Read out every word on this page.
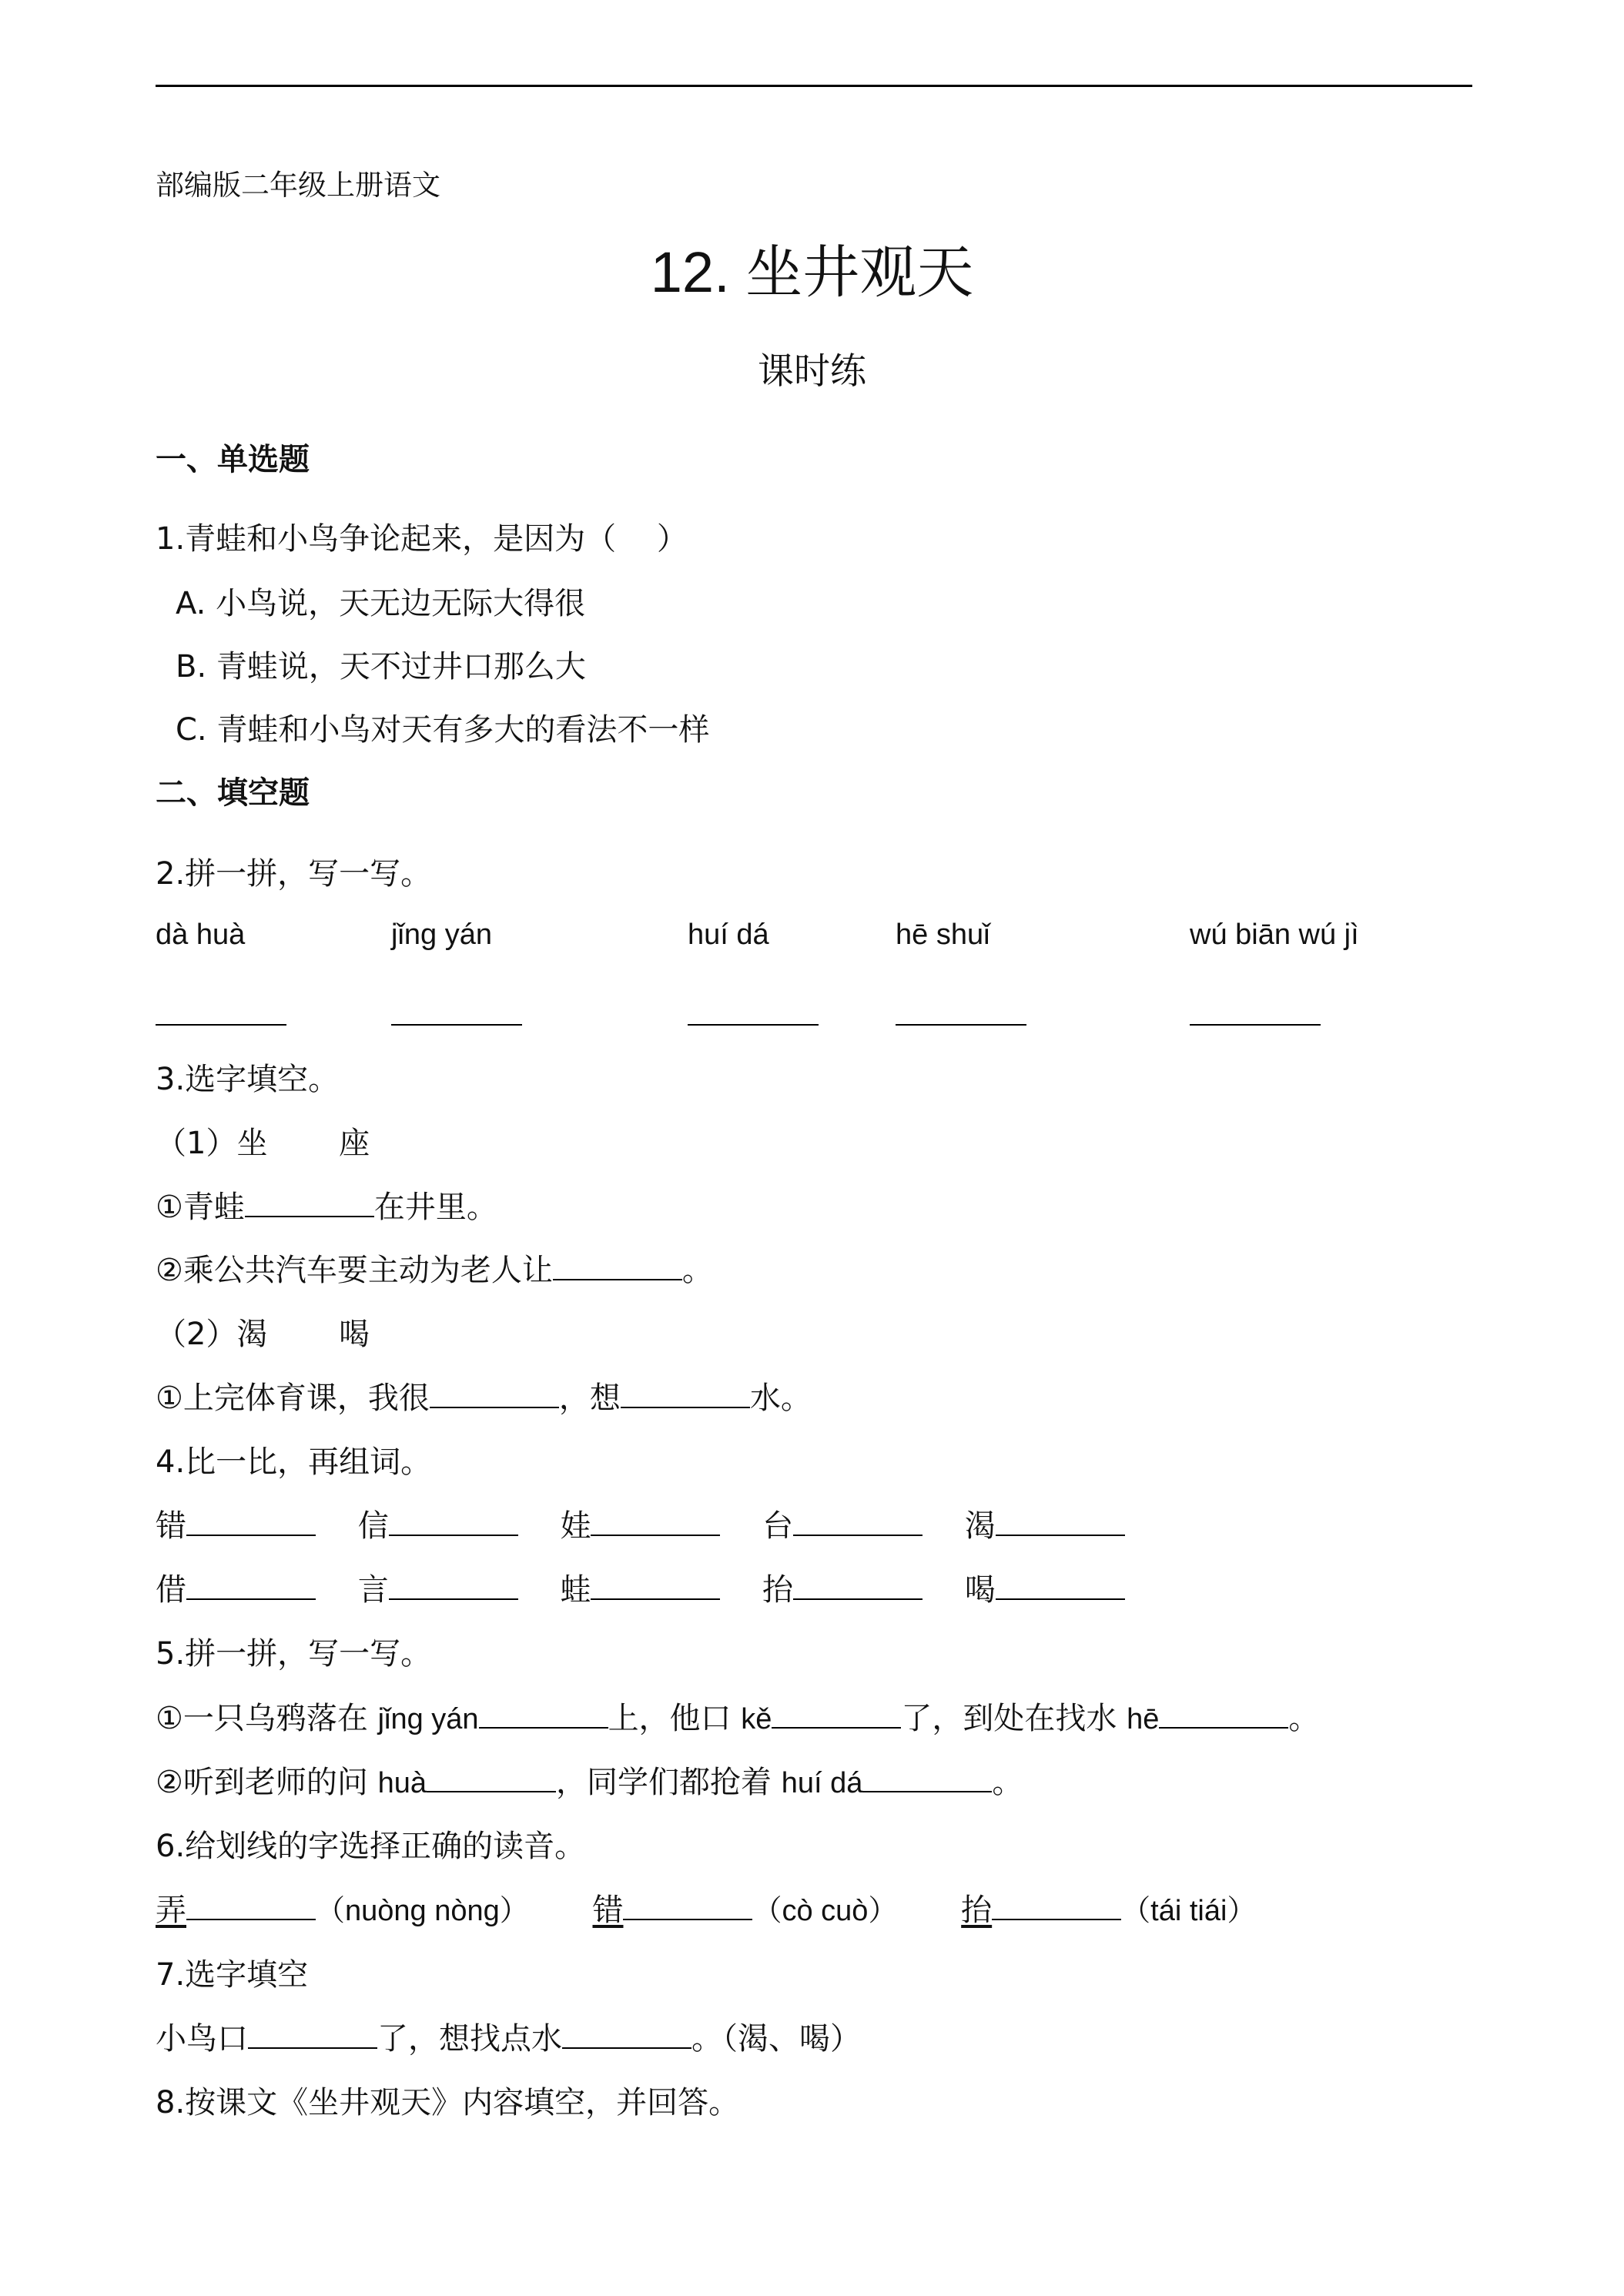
部编版二年级上册语文
12. 坐井观天
课时练
一、单选题
1.青蛙和小鸟争论起来，是因为（　 ）
A. 小鸟说，天无边无际大得很
B. 青蛙说，天不过井口那么大
C. 青蛙和小鸟对天有多大的看法不一样
二、填空题
2.拼一拼，写一写。
dà huà	jǐng yán	huí dá	hē shuǐ	wú biān wú jì
3.选字填空。
（1）坐　　 座
①青蛙	在井里。
②乘公共汽车要主动为老人让	。
（2）渴　　 喝
①上完体育课，我很	，想	水。
4.比一比，再组词。
错	信	娃	台	渴
借	言	蛙	抬	喝
5.拼一拼，写一写。
①一只乌鸦落在 jǐng yán	上，他口 kě	了，到处在找水 hē	。
②听到老师的问 huà	，同学们都抢着 huí dá	。
6.给划线的字选择正确的读音。
弄	（nuòng nòng） 错	（cò cuò） 抬	（tái tiái）
7.选字填空
小鸟口	了，想找点水	。（渴、喝）
8.按课文《坐井观天》内容填空，并回答。
